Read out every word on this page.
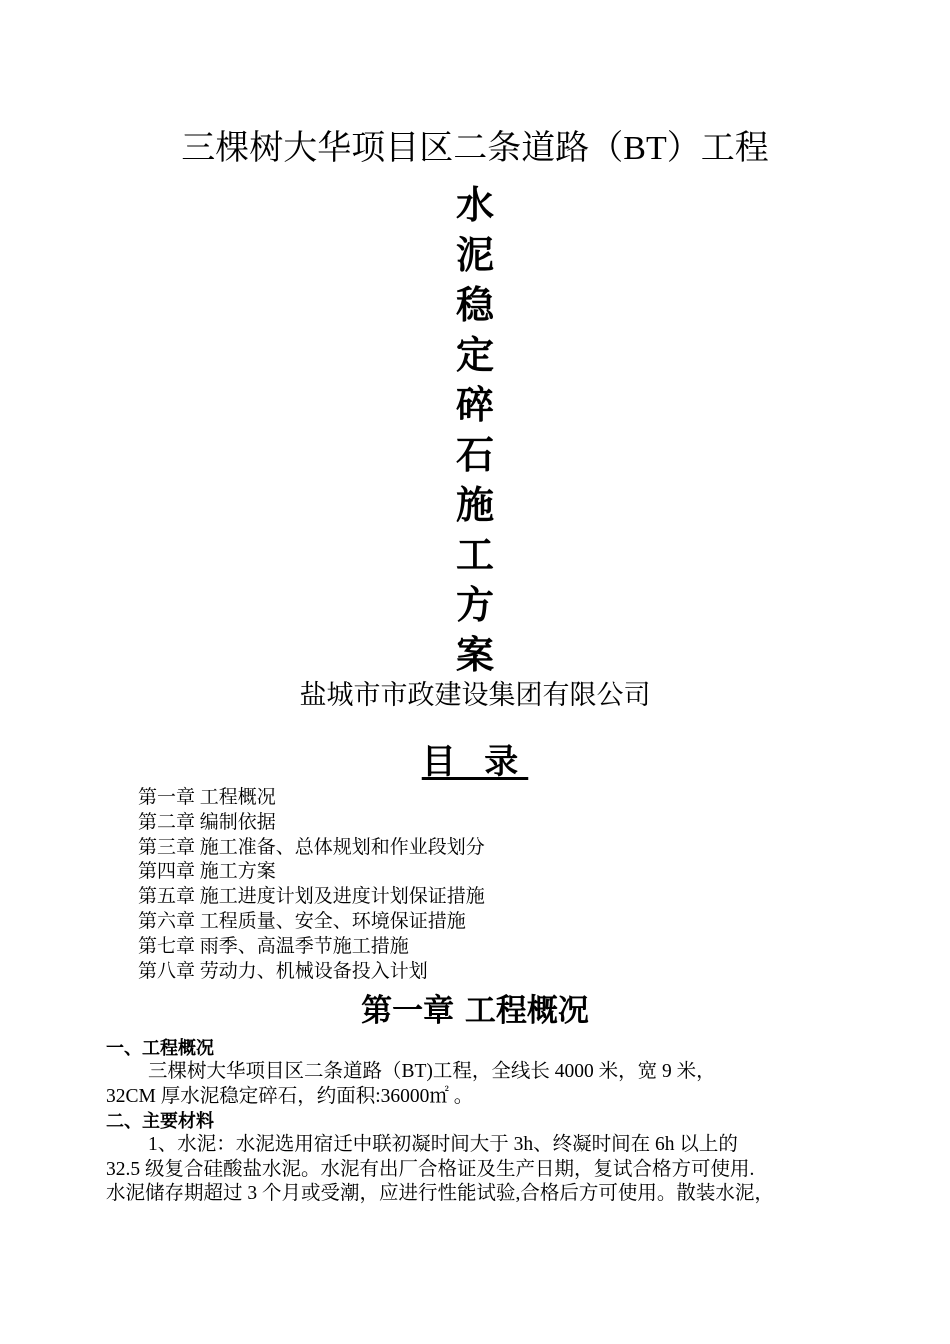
三棵树大华项目区二条道路（BT）工程
水
泥
稳
定
碎
石
施
工
方
案
盐城市市政建设集团有限公司
目 录
第一章 工程概况
第二章 编制依据
第三章 施工准备、总体规划和作业段划分
第四章 施工方案
第五章 施工进度计划及进度计划保证措施
第六章 工程质量、安全、环境保证措施
第七章 雨季、高温季节施工措施
第八章 劳动力、机械设备投入计划
第一章 工程概况
一、工程概况
三棵树大华项目区二条道路（BT)工程，全线长 4000 米，宽 9 米，
32CM 厚水泥稳定碎石，约面积:36000㎡ 。
二、主要材料
1、水泥：水泥选用宿迁中联初凝时间大于 3h、终凝时间在 6h 以上的
32.5 级复合硅酸盐水泥。水泥有出厂合格证及生产日期，复试合格方可使用.
水泥储存期超过 3 个月或受潮，应进行性能试验,合格后方可使用。散装水泥，
